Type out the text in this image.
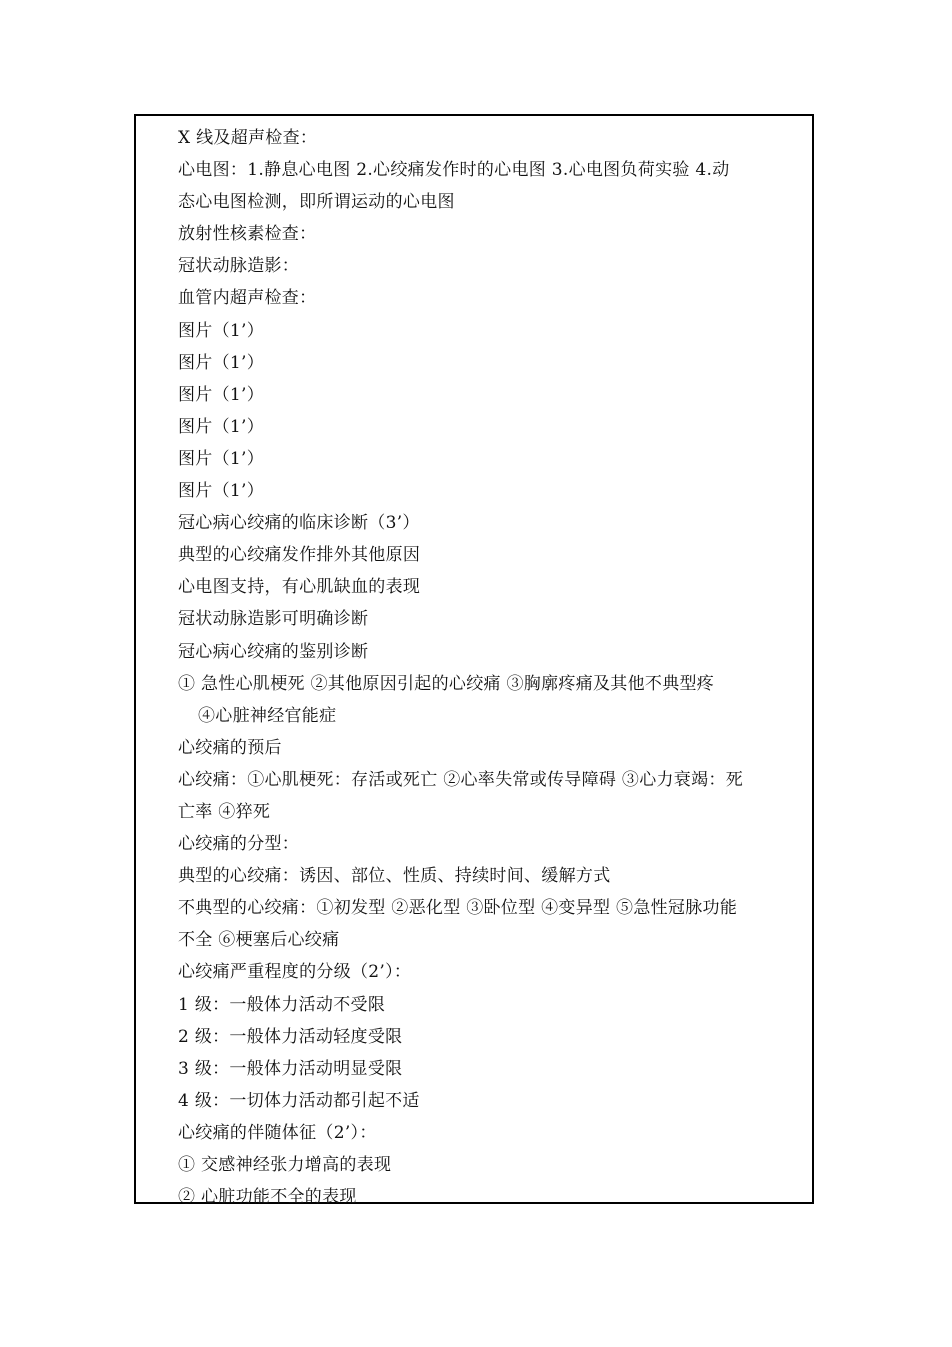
X 线及超声检查：
心电图：1.静息心电图 2.心绞痛发作时的心电图 3.心电图负荷实验 4.动
态心电图检测，即所谓运动的心电图
放射性核素检查：
冠状动脉造影：
血管内超声检查：
图片（1’）
图片（1’）
图片（1’）
图片（1’）
图片（1’）
图片（1’）
冠心病心绞痛的临床诊断（3’）
典型的心绞痛发作排外其他原因
心电图支持，有心肌缺血的表现
冠状动脉造影可明确诊断
冠心病心绞痛的鉴别诊断
① 急性心肌梗死 ②其他原因引起的心绞痛 ③胸廓疼痛及其他不典型疼
④心脏神经官能症
心绞痛的预后
心绞痛：①心肌梗死：存活或死亡 ②心率失常或传导障碍 ③心力衰竭：死
亡率 ④猝死
心绞痛的分型：
典型的心绞痛：诱因、部位、性质、持续时间、缓解方式
不典型的心绞痛：①初发型 ②恶化型 ③卧位型 ④变异型 ⑤急性冠脉功能
不全 ⑥梗塞后心绞痛
心绞痛严重程度的分级（2’）：
1 级：一般体力活动不受限
2 级：一般体力活动轻度受限
3 级：一般体力活动明显受限
4 级：一切体力活动都引起不适
心绞痛的伴随体征（2’）：
① 交感神经张力增高的表现
② 心脏功能不全的表现
